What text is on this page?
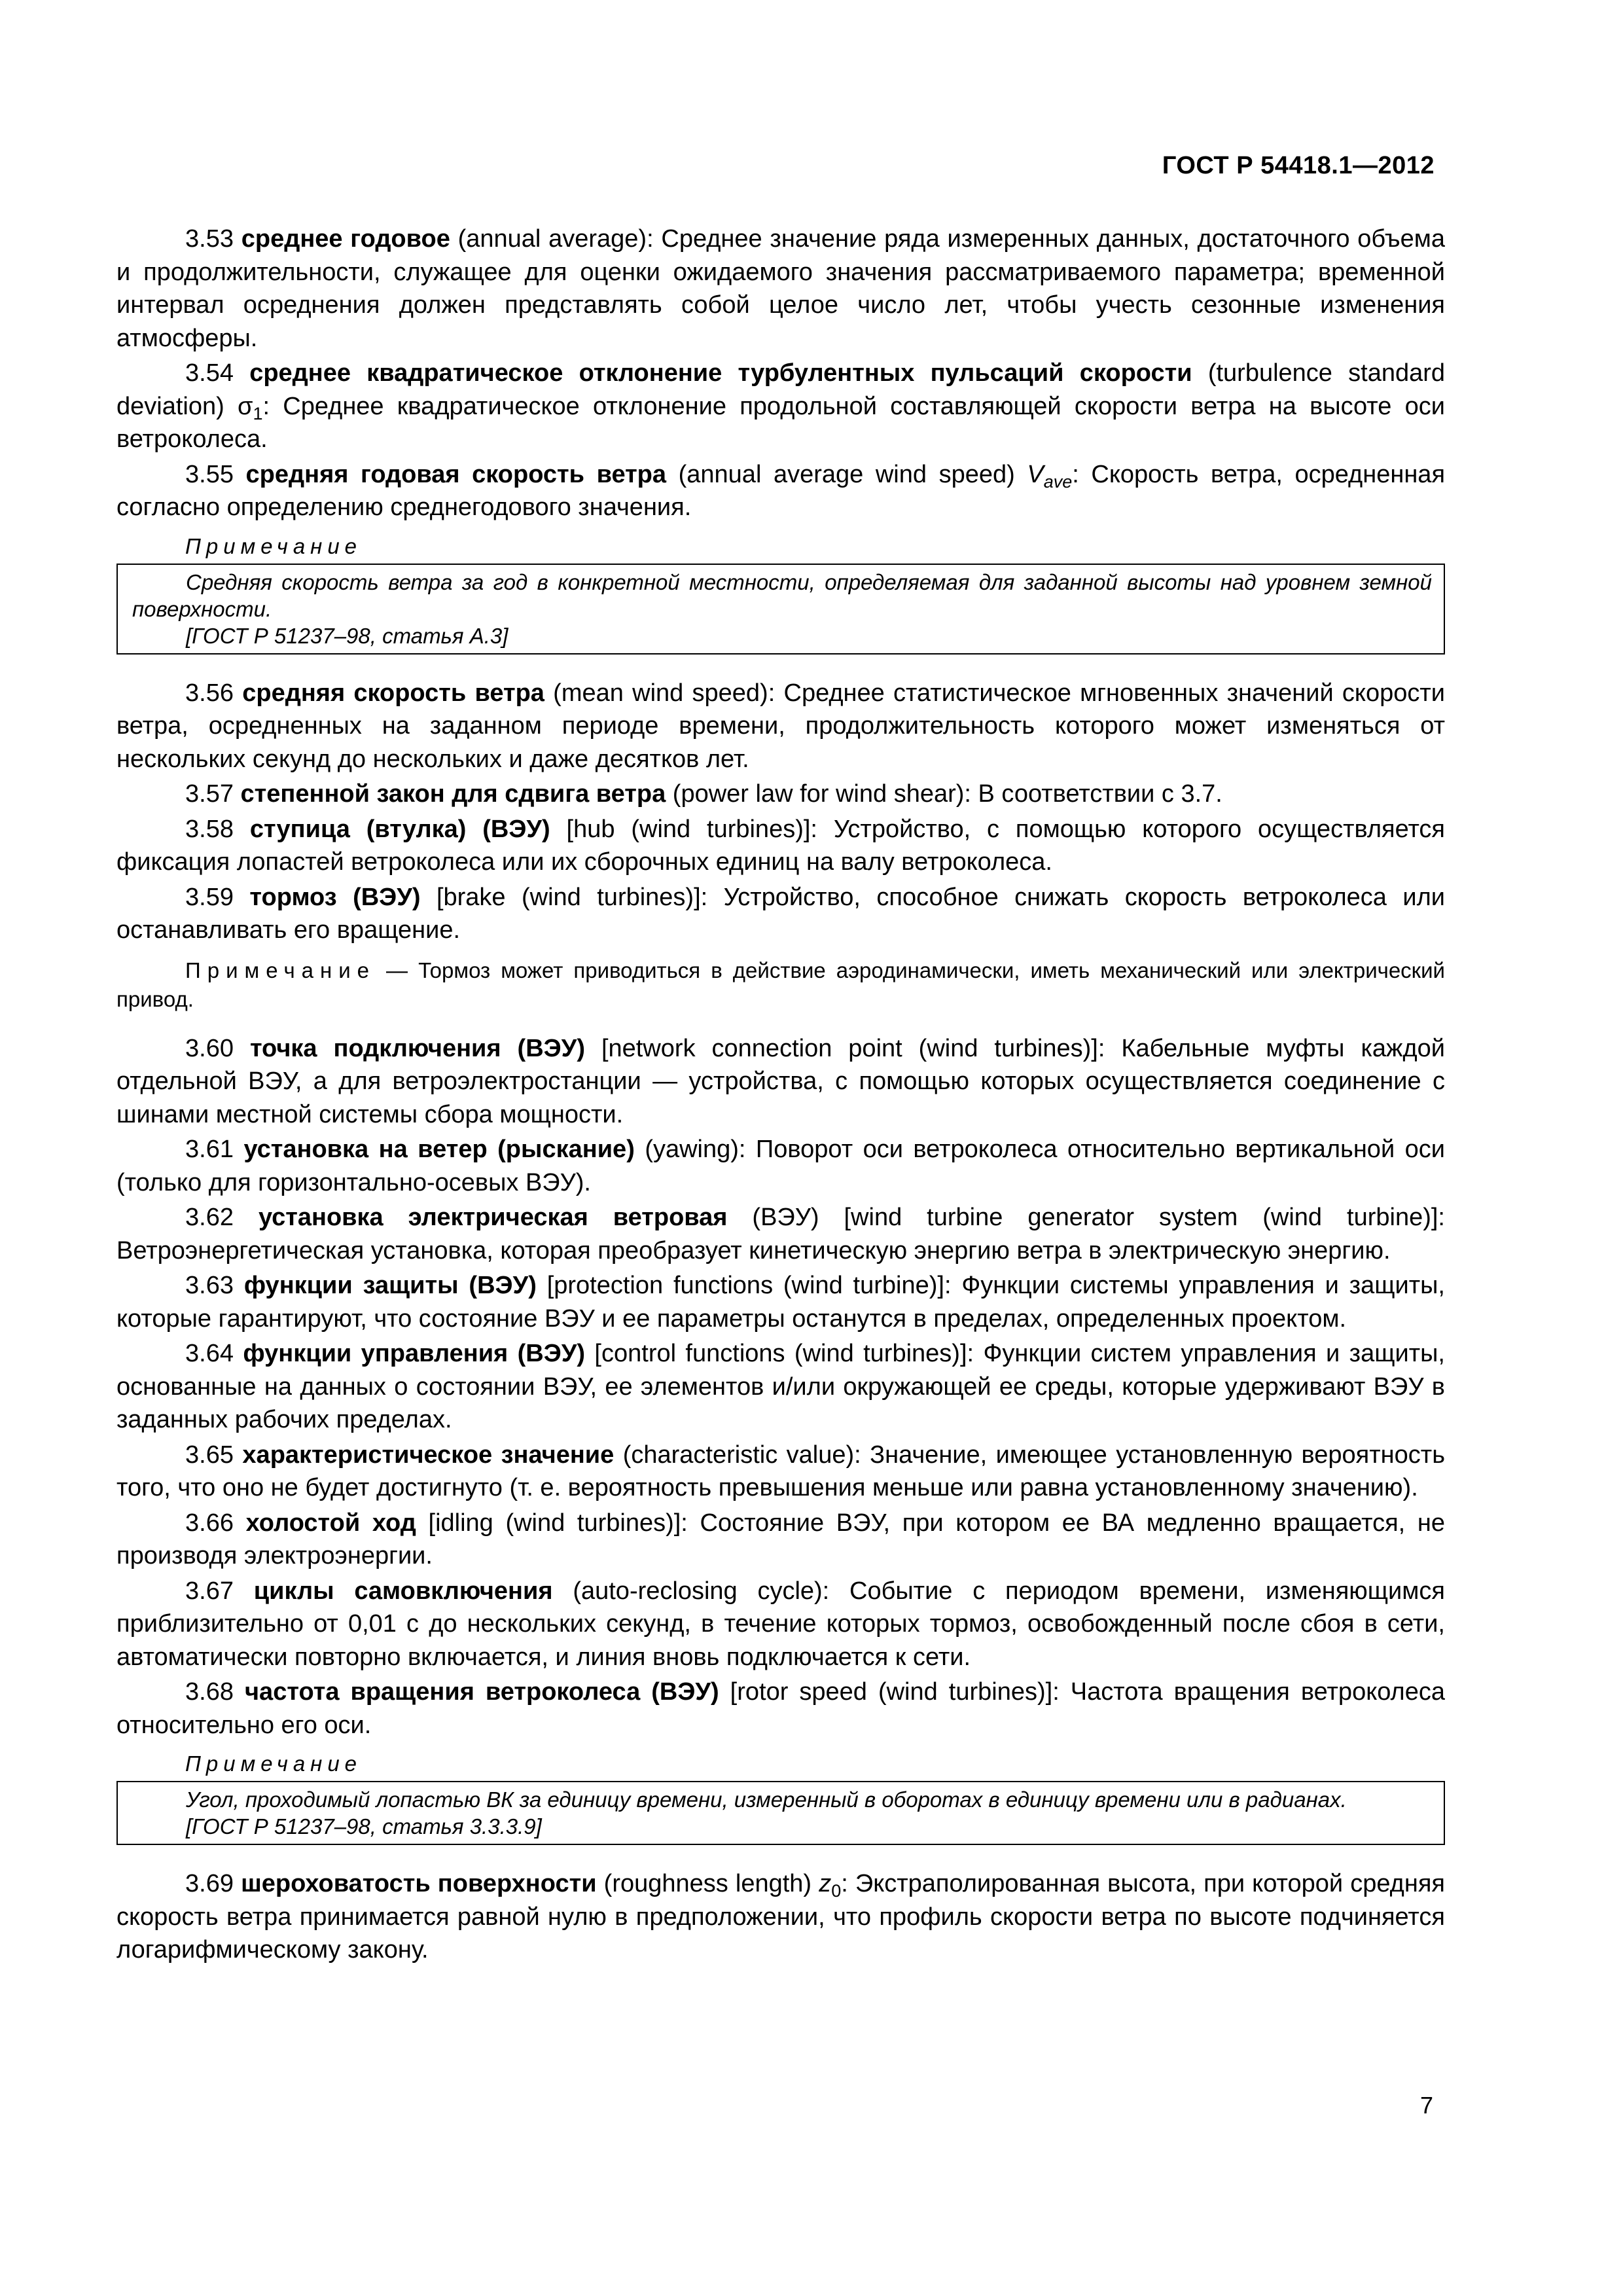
ГОСТ Р 54418.1—2012

3.53 среднее годовое (annual average): Среднее значение ряда измеренных данных, достаточного объема и продолжительности, служащее для оценки ожидаемого значения рассматриваемого параметра; временной интервал осреднения должен представлять собой целое число лет, чтобы учесть сезонные изменения атмосферы.

3.54 среднее квадратическое отклонение турбулентных пульсаций скорости (turbulence standard deviation) $\sigma_1$: Среднее квадратическое отклонение продольной составляющей скорости ветра на высоте оси ветроколеса.

3.55 средняя годовая скорость ветра (annual average wind speed) $V_{ave}$: Скорость ветра, осредненная согласно определению среднегодового значения.

Примечание
Средняя скорость ветра за год в конкретной местности, определяемая для заданной высоты над уровнем земной поверхности.
[ГОСТ Р 51237–98, статья А.3]

3.56 средняя скорость ветра (mean wind speed): Среднее статистическое мгновенных значений скорости ветра, осредненных на заданном периоде времени, продолжительность которого может изменяться от нескольких секунд до нескольких и даже десятков лет.

3.57 степенной закон для сдвига ветра (power law for wind shear): В соответствии с 3.7.

3.58 ступица (втулка) (ВЭУ) [hub (wind turbines)]: Устройство, с помощью которого осуществляется фиксация лопастей ветроколеса или их сборочных единиц на валу ветроколеса.

3.59 тормоз (ВЭУ) [brake (wind turbines)]: Устройство, способное снижать скорость ветроколеса или останавливать его вращение.

Примечание — Тормоз может приводиться в действие аэродинамически, иметь механический или электрический привод.

3.60 точка подключения (ВЭУ) [network connection point (wind turbines)]: Кабельные муфты каждой отдельной ВЭУ, а для ветроэлектростанции — устройства, с помощью которых осуществляется соединение с шинами местной системы сбора мощности.

3.61 установка на ветер (рыскание) (yawing): Поворот оси ветроколеса относительно вертикальной оси (только для горизонтально-осевых ВЭУ).

3.62 установка электрическая ветровая (ВЭУ) [wind turbine generator system (wind turbine)]: Ветроэнергетическая установка, которая преобразует кинетическую энергию ветра в электрическую энергию.

3.63 функции защиты (ВЭУ) [protection functions (wind turbine)]: Функции системы управления и защиты, которые гарантируют, что состояние ВЭУ и ее параметры останутся в пределах, определенных проектом.

3.64 функции управления (ВЭУ) [control functions (wind turbines)]: Функции систем управления и защиты, основанные на данных о состоянии ВЭУ, ее элементов и/или окружающей ее среды, которые удерживают ВЭУ в заданных рабочих пределах.

3.65 характеристическое значение (characteristic value): Значение, имеющее установленную вероятность того, что оно не будет достигнуто (т. е. вероятность превышения меньше или равна установленному значению).

3.66 холостой ход [idling (wind turbines)]: Состояние ВЭУ, при котором ее ВА медленно вращается, не производя электроэнергии.

3.67 циклы самовключения (auto-reclosing cycle): Событие с периодом времени, изменяющимся приблизительно от 0,01 с до нескольких секунд, в течение которых тормоз, освобожденный после сбоя в сети, автоматически повторно включается, и линия вновь подключается к сети.

3.68 частота вращения ветроколеса (ВЭУ) [rotor speed (wind turbines)]: Частота вращения ветроколеса относительно его оси.

Примечание
Угол, проходимый лопастью ВК за единицу времени, измеренный в оборотах в единицу времени или в радианах.
[ГОСТ Р 51237–98, статья 3.3.3.9]

3.69 шероховатость поверхности (roughness length) $z_0$: Экстраполированная высота, при которой средняя скорость ветра принимается равной нулю в предположении, что профиль скорости ветра по высоте подчиняется логарифмическому закону.

7
